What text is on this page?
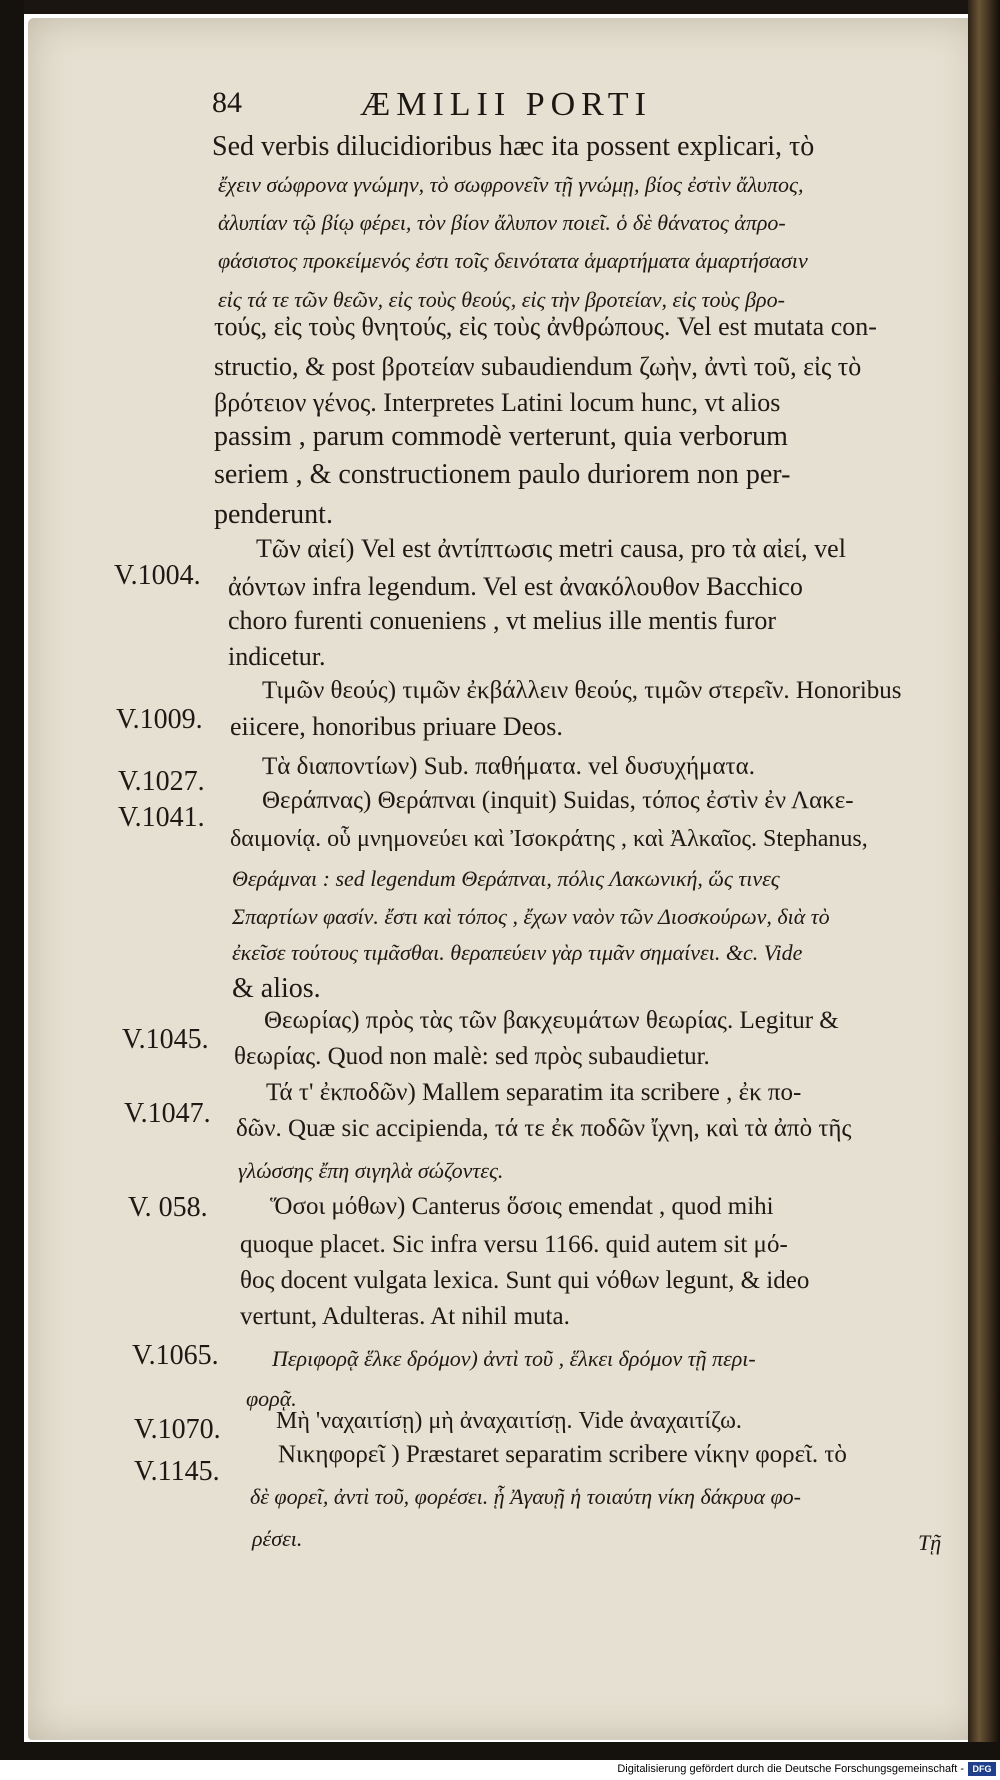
84	ÆMILII PORTI
Sed verbis dilucidioribus hæc ita possent explicari, τὸ
ἔχειν σώφρονα γνώμην, τὸ σωφρονεῖν τῇ γνώμῃ, βίος ἐστὶν ἄλυπος,
ἀλυπίαν τῷ βίῳ φέρει, τὸν βίον ἄλυπον ποιεῖ. ὁ δὲ θάνατος ἀπρο-
φάσιστος προκείμενός ἐστι τοῖς δεινότατα ἁμαρτήματα ἁμαρτήσασιν
εἰς τά τε τῶν θεῶν, εἰς τοὺς θεούς, εἰς τὴν βροτείαν, εἰς τοὺς βρο-
τούς, εἰς τοὺς θνητούς, εἰς τοὺς ἀνθρώπους. Vel est mutata con-
structio, & post βροτείαν subaudiendum ζωὴν, ἀντὶ τοῦ, εἰς τὸ
βρότειον γένος. Interpretes Latini locum hunc, vt alios
passim , parum commodè verterunt, quia verborum
seriem , & constructionem paulo duriorem non per-
penderunt.
V.1004.
Τῶν αἰεί) Vel est ἀντίπτωσις metri causa, pro τὰ αἰεί, vel
ἀόντων infra legendum. Vel est ἀνακόλουθον Bacchico
choro furenti conueniens , vt melius ille mentis furor
indicetur.
V.1009.
Τιμῶν θεούς) τιμῶν ἐκβάλλειν θεούς, τιμῶν στερεῖν. Honoribus
eiicere, honoribus priuare Deos.
V.1027. Τὰ διαποντίων) Sub. παθήματα. vel δυσυχήματα.
V.1041.
Θεράπνας) Θεράπναι (inquit) Suidas, τόπος ἐστὶν ἐν Λακε-
δαιμονίᾳ. οὗ μνημονεύει καὶ Ἰσοκράτης , καὶ Ἀλκαῖος. Stephanus,
Θεράμναι : sed legendum Θεράπναι, πόλις Λακωνική, ὥς τινες
Σπαρτίων φασίν. ἔστι καὶ τόπος , ἔχων ναὸν τῶν Διοσκούρων, διὰ τὸ
ἐκεῖσε τούτους τιμᾶσθαι. θεραπεύειν γὰρ τιμᾶν σημαίνει. &c. Vide
& alios.
V.1045.
Θεωρίας) πρὸς τὰς τῶν βακχευμάτων θεωρίας. Legitur &
θεωρίας. Quod non malè: sed πρὸς subaudietur.
V.1047.
Τά τ' ἐκποδῶν) Mallem separatim ita scribere , ἐκ πο-
δῶν. Quæ sic accipienda, τά τε ἐκ ποδῶν ἴχνη, καὶ τὰ ἀπὸ τῆς
γλώσσης ἔπη σιγηλὰ σώζοντες.
V. 058. Ὅσοι μόθων) Canterus ὅσοις emendat , quod mihi
quoque placet. Sic infra versu 1166. quid autem sit μό-
θος docent vulgata lexica. Sunt qui νόθων legunt, & ideo
vertunt, Adulteras. At nihil muta.
V.1065. Περιφορᾷ ἕλκε δρόμον) ἀντὶ τοῦ , ἕλκει δρόμον τῇ περι-
φορᾷ.
V.1070. Μὴ 'ναχαιτίσῃ) μὴ ἀναχαιτίσῃ. Vide ἀναχαιτίζω.
V.1145.
Νικηφορεῖ ) Præstaret separatim scribere νίκην φορεῖ. τὸ
δὲ φορεῖ, ἀντὶ τοῦ, φορέσει. ᾗ Ἀγαυῇ ἡ τοιαύτη νίκη δάκρυα φο-
ρέσει.	Τῇ
Digitalisierung gefördert durch die Deutsche Forschungsgemeinschaft - DFG
